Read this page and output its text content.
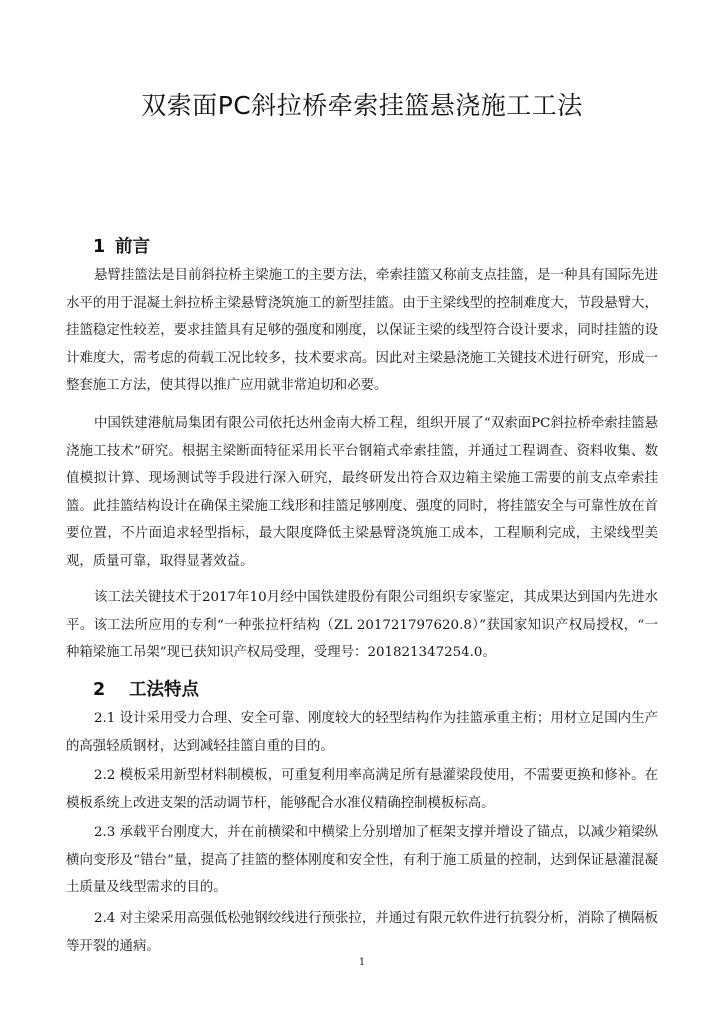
双索面PC斜拉桥牵索挂篮悬浇施工工法
1 前言

悬臂挂篮法是目前斜拉桥主梁施工的主要方法，牵索挂篮又称前支点挂篮，是一种具有国际先进水平的用于混凝土斜拉桥主梁悬臂浇筑施工的新型挂篮。由于主梁线型的控制难度大，节段悬臂大，挂篮稳定性较差，要求挂篮具有足够的强度和刚度，以保证主梁的线型符合设计要求，同时挂篮的设计难度大，需考虑的荷载工况比较多，技术要求高。因此对主梁悬浇施工关键技术进行研究，形成一整套施工方法，使其得以推广应用就非常迫切和必要。

中国铁建港航局集团有限公司依托达州金南大桥工程，组织开展了“双索面PC斜拉桥牵索挂篮悬浇施工技术”研究。根据主梁断面特征采用长平台钢箱式牵索挂篮，并通过工程调查、资料收集、数值模拟计算、现场测试等手段进行深入研究，最终研发出符合双边箱主梁施工需要的前支点牵索挂篮。此挂篮结构设计在确保主梁施工线形和挂篮足够刚度、强度的同时，将挂篮安全与可靠性放在首要位置，不片面追求轻型指标，最大限度降低主梁悬臂浇筑施工成本，工程顺利完成，主梁线型美观，质量可靠，取得显著效益。

该工法关键技术于2017年10月经中国铁建股份有限公司组织专家鉴定，其成果达到国内先进水平。该工法所应用的专利“一种张拉杆结构（ZL 201721797620.8）”获国家知识产权局授权，“一种箱梁施工吊架”现已获知识产权局受理，受理号：201821347254.0。

2 工法特点

2.1 设计采用受力合理、安全可靠、刚度较大的轻型结构作为挂篮承重主桁；用材立足国内生产的高强轻质钢材，达到减轻挂篮自重的目的。

2.2 模板采用新型材料制模板，可重复利用率高满足所有悬灌梁段使用，不需要更换和修补。在模板系统上改进支架的活动调节杆，能够配合水准仪精确控制模板标高。

2.3 承载平台刚度大，并在前横梁和中横梁上分别增加了框架支撑并增设了锚点，以减少箱梁纵横向变形及“错台”量，提高了挂篮的整体刚度和安全性，有利于施工质量的控制，达到保证悬灌混凝土质量及线型需求的目的。

2.4 对主梁采用高强低松弛钢绞线进行预张拉，并通过有限元软件进行抗裂分析，消除了横隔板等开裂的通病。

1
